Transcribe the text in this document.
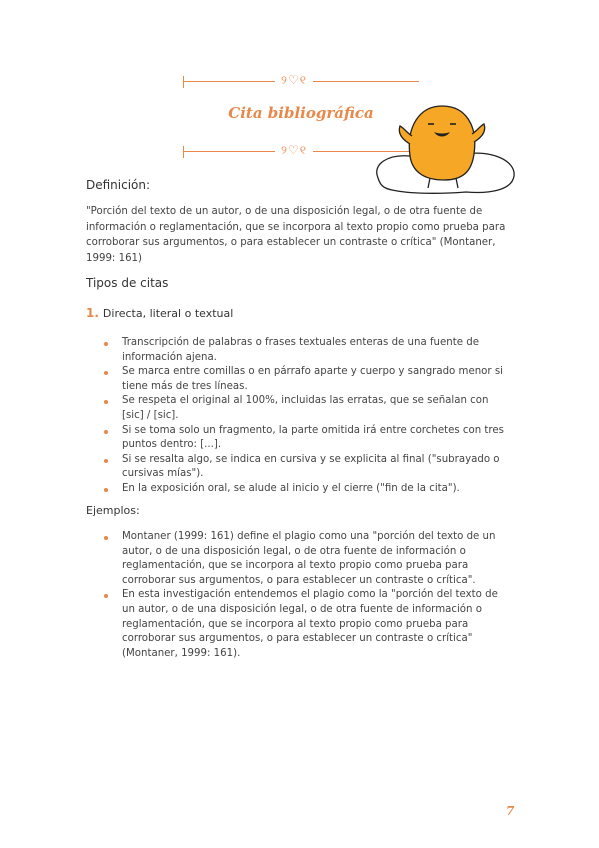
୨♡୧
Cita bibliográfica
୨♡୧
Definición:

"Porción del texto de un autor, o de una disposición legal, o de otra fuente de información o reglamentación, que se incorpora al texto propio como prueba para corroborar sus argumentos, o para establecer un contraste o crítica" (Montaner, 1999: 161)

Tipos de citas
1. Directa, literal o textual
Transcripción de palabras o frases textuales enteras de una fuente de información ajena.
Se marca entre comillas o en párrafo aparte y cuerpo y sangrado menor si tiene más de tres líneas.
Se respeta el original al 100%, incluidas las erratas, que se señalan con [sic] / [sic].
Si se toma solo un fragmento, la parte omitida irá entre corchetes con tres puntos dentro: [...].
Si se resalta algo, se indica en cursiva y se explicita al final ("subrayado o cursivas mías").
En la exposición oral, se alude al inicio y el cierre ("fin de la cita").
Ejemplos:
Montaner (1999: 161) define el plagio como una "porción del texto de un autor, o de una disposición legal, o de otra fuente de información o reglamentación, que se incorpora al texto propio como prueba para corroborar sus argumentos, o para establecer un contraste o crítica".
En esta investigación entendemos el plagio como la "porción del texto de un autor, o de una disposición legal, o de otra fuente de información o reglamentación, que se incorpora al texto propio como prueba para corroborar sus argumentos, o para establecer un contraste o crítica" (Montaner, 1999: 161).
7
